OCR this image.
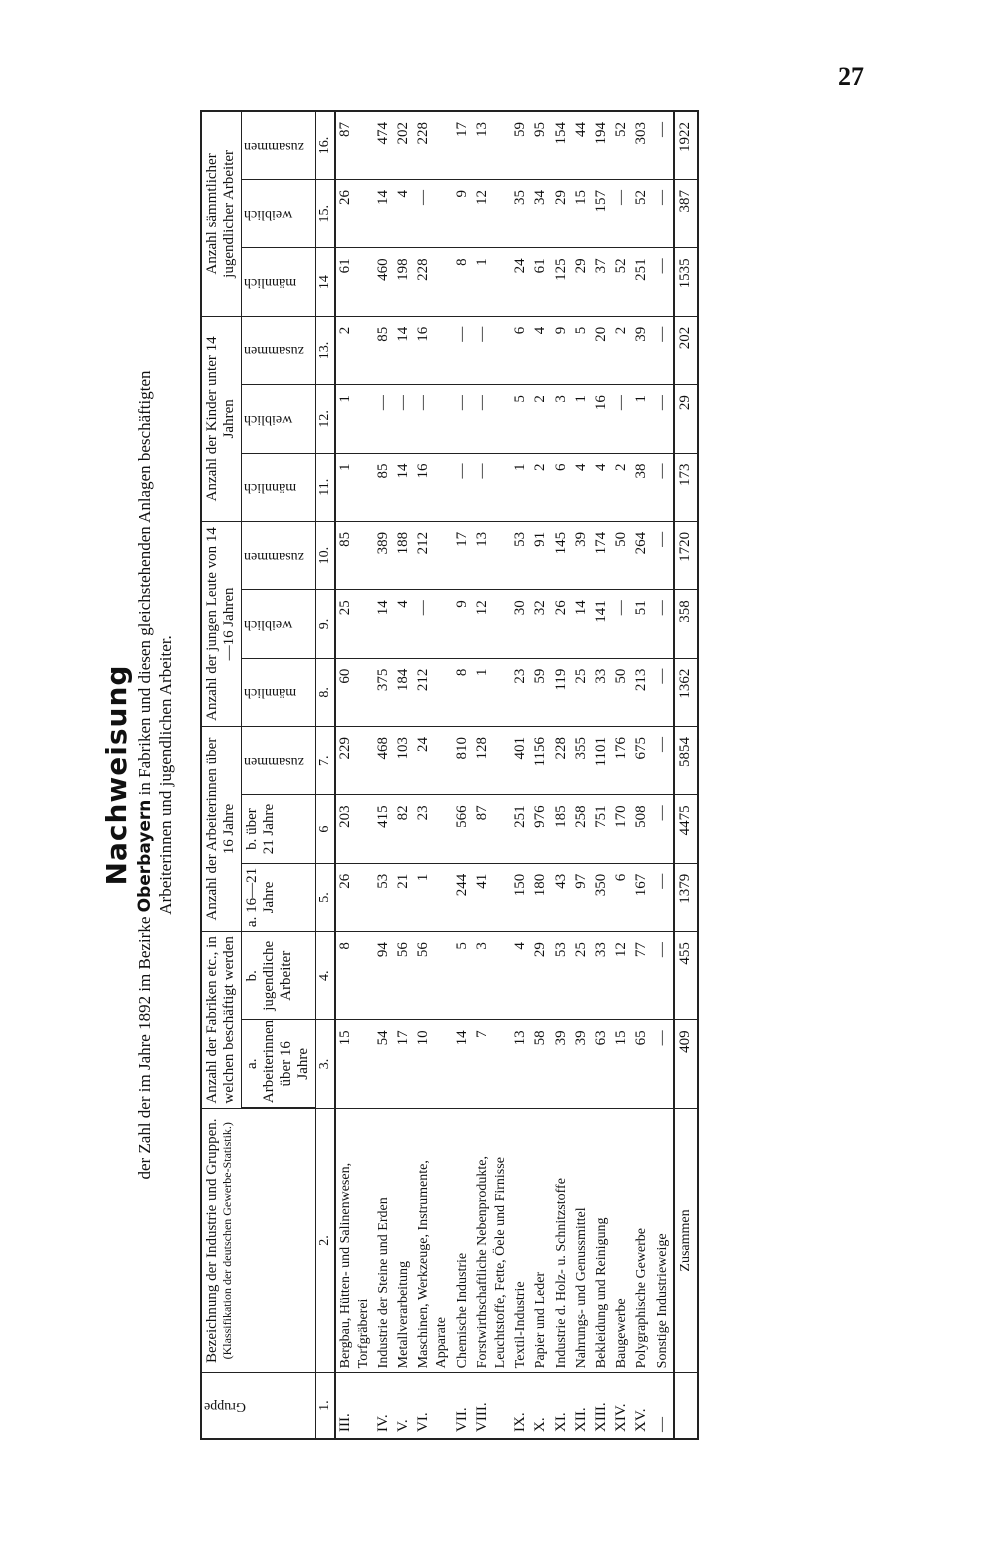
27
Nachweisung
der Zahl der im Jahre 1892 im Bezirke Oberbayern in Fabriken und diesen gleichstehenden Anlagen beschäftigten Arbeiterinnen und jugendlichen Arbeiter.
Gruppe	Bezeichnung der Industrie und Gruppen. (Klassifikation der deutschen Gewerbe-Statistik.)	Anzahl der Fabriken etc., in welchen beschäftigt werden		Anzahl der Arbeiterinnen über 16 Jahre			Anzahl der jungen Leute von 14—16 Jahren			Anzahl der Kinder unter 14 Jahren			Anzahl sämmtlicher jugendlicher Arbeiter		
		a. Arbeiterinnen über 16 Jahre	b. jugendliche Arbeiter	a. 16—21 Jahre	b. über 21 Jahre	zusammen	männlich	weiblich	zusammen	männlich	weiblich	zusammen	männlich	weiblich	zusammen
1.	2.	3.	4.	5.	6	7.	8.	9.	10.	11.	12.	13.	14	15.	16.
III.	Bergbau, Hütten- und Salinenwesen, Torfgräberei	15	8	26	203	229	60	25	85	1	1	2	61	26	87
IV.	Industrie der Steine und Erden	54	94	53	415	468	375	14	389	85	—	85	460	14	474
V.	Metallverarbeitung	17	56	21	82	103	184	4	188	14	—	14	198	4	202
VI.	Maschinen, Werkzeuge, Instrumente, Apparate	10	56	1	23	24	212	—	212	16	—	16	228	—	228
VII.	Chemische Industrie	14	5	244	566	810	8	9	17	—	—	—	8	9	17
VIII.	Forstwirthschaftliche Nebenprodukte, Leuchtstoffe, Fette, Öele und Firnisse	7	3	41	87	128	1	12	13	—	—	—	1	12	13
IX.	Textil-Industrie	13	4	150	251	401	23	30	53	1	5	6	24	35	59
X.	Papier und Leder	58	29	180	976	1156	59	32	91	2	2	4	61	34	95
XI.	Industrie d. Holz- u. Schnitzstoffe	39	53	43	185	228	119	26	145	6	3	9	125	29	154
XII.	Nahrungs- und Genussmittel	39	25	97	258	355	25	14	39	4	1	5	29	15	44
XIII.	Bekleidung und Reinigung	63	33	350	751	1101	33	141	174	4	16	20	37	157	194
XIV.	Baugewerbe	15	12	6	170	176	50	—	50	2	—	2	52	—	52
XV.	Polygraphische Gewerbe	65	77	167	508	675	213	51	264	38	1	39	251	52	303
—	Sonstige Industrieweige	—	—	—	—	—	—	—	—	—	—	—	—	—	—
	Zusammen	409	455	1379	4475	5854	1362	358	1720	173	29	202	1535	387	1922
